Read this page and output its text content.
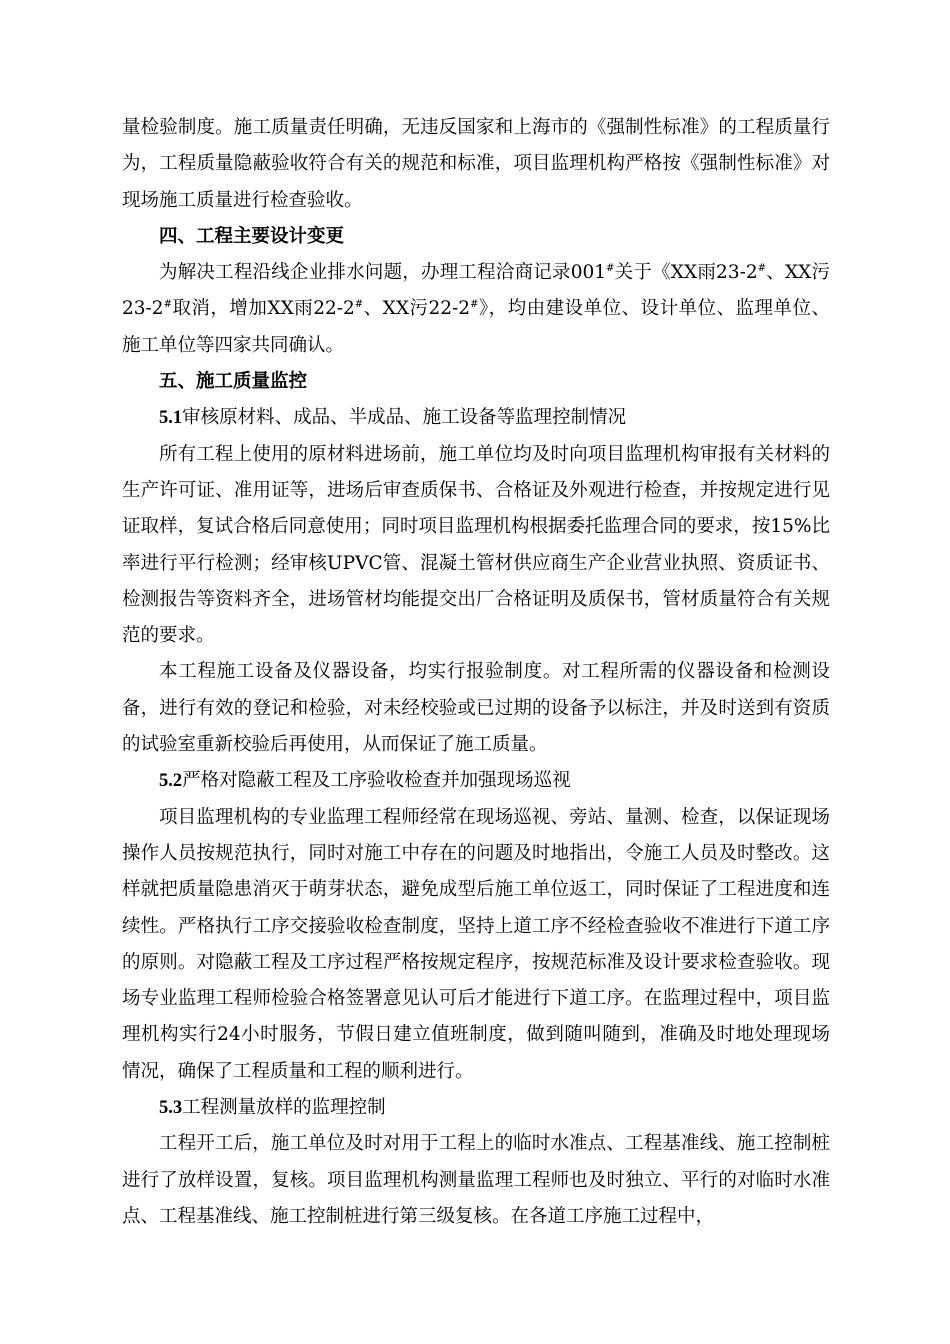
量检验制度。施工质量责任明确，无违反国家和上海市的《强制性标准》的工程质量行为，工程质量隐蔽验收符合有关的规范和标准，项目监理机构严格按《强制性标准》对现场施工质量进行检查验收。

四、工程主要设计变更

为解决工程沿线企业排水问题，办理工程洽商记录001#关于《XX雨23-2#、XX污23-2#取消，增加XX雨22-2#、XX污22-2#》，均由建设单位、设计单位、监理单位、施工单位等四家共同确认。

五、施工质量监控

5.1审核原材料、成品、半成品、施工设备等监理控制情况

所有工程上使用的原材料进场前，施工单位均及时向项目监理机构审报有关材料的生产许可证、准用证等，进场后审查质保书、合格证及外观进行检查，并按规定进行见证取样，复试合格后同意使用；同时项目监理机构根据委托监理合同的要求，按15%比率进行平行检测；经审核UPVC管、混凝土管材供应商生产企业营业执照、资质证书、检测报告等资料齐全，进场管材均能提交出厂合格证明及质保书，管材质量符合有关规范的要求。

本工程施工设备及仪器设备，均实行报验制度。对工程所需的仪器设备和检测设备，进行有效的登记和检验，对未经校验或已过期的设备予以标注，并及时送到有资质的试验室重新校验后再使用，从而保证了施工质量。

5.2严格对隐蔽工程及工序验收检查并加强现场巡视

项目监理机构的专业监理工程师经常在现场巡视、旁站、量测、检查，以保证现场操作人员按规范执行，同时对施工中存在的问题及时地指出，令施工人员及时整改。这样就把质量隐患消灭于萌芽状态，避免成型后施工单位返工，同时保证了工程进度和连续性。严格执行工序交接验收检查制度，坚持上道工序不经检查验收不准进行下道工序的原则。对隐蔽工程及工序过程严格按规定程序，按规范标准及设计要求检查验收。现场专业监理工程师检验合格签署意见认可后才能进行下道工序。在监理过程中，项目监理机构实行24小时服务，节假日建立值班制度，做到随叫随到，准确及时地处理现场情况，确保了工程质量和工程的顺利进行。

5.3工程测量放样的监理控制

工程开工后，施工单位及时对用于工程上的临时水准点、工程基准线、施工控制桩进行了放样设置，复核。项目监理机构测量监理工程师也及时独立、平行的对临时水准点、工程基准线、施工控制桩进行第三级复核。在各道工序施工过程中，
